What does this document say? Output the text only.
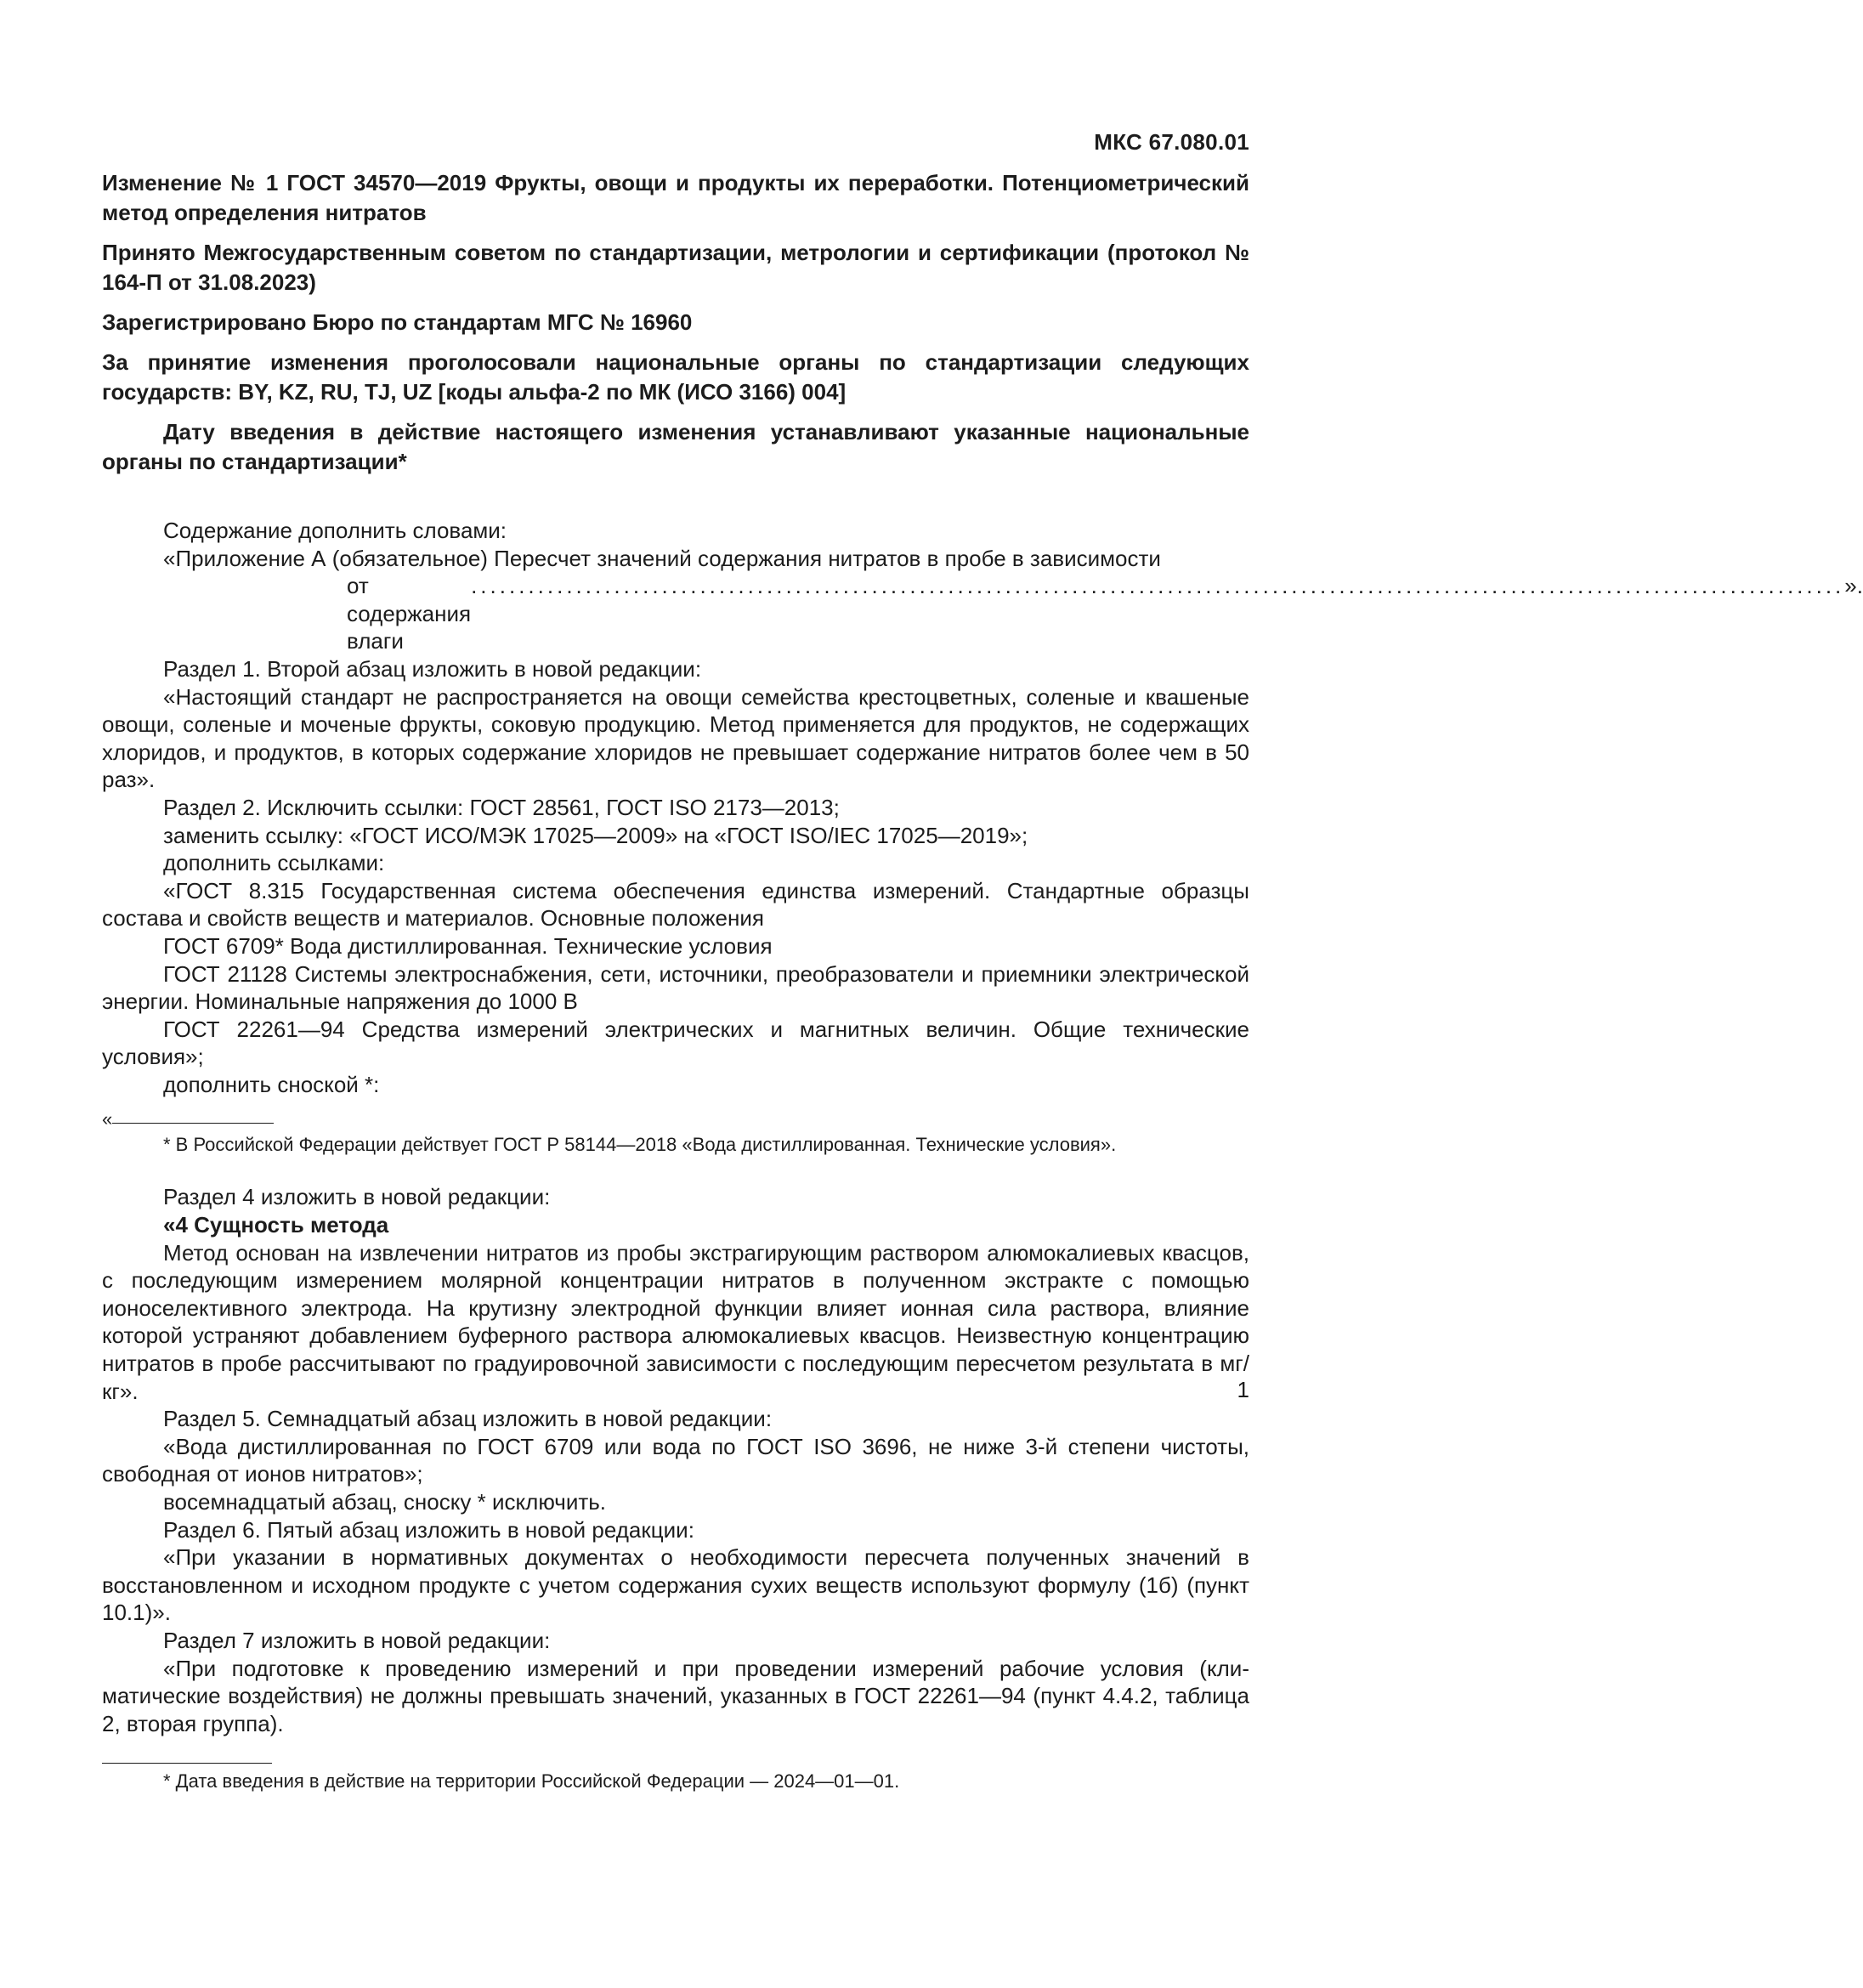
МКС 67.080.01

Изменение № 1 ГОСТ 34570—2019 Фрукты, овощи и продукты их переработки. Потенциометрический метод определения нитратов

Принято Межгосударственным советом по стандартизации, метрологии и сертификации (протокол № 164-П от 31.08.2023)

Зарегистрировано Бюро по стандартам МГС № 16960

За принятие изменения проголосовали национальные органы по стандартизации следующих государств: BY, KZ, RU, TJ, UZ [коды альфа-2 по МК (ИСО 3166) 004]

Дату введения в действие настоящего изменения устанавливают указанные национальные органы по стандартизации*

Содержание дополнить словами:

«Приложение А (обязательное) Пересчет значений содержания нитратов в пробе в зависимости

от содержания влаги
................................................................................................................................................ ».

Раздел 1. Второй абзац изложить в новой редакции:

«Настоящий стандарт не распространяется на овощи семейства крестоцветных, соленые и квашеные овощи, соленые и моченые фрукты, соковую продукцию. Метод применяется для продуктов, не содержащих хлоридов, и продуктов, в которых содержание хлоридов не превышает содержание нитратов более чем в 50 раз».

Раздел 2. Исключить ссылки: ГОСТ 28561, ГОСТ ISO 2173—2013;

заменить ссылку: «ГОСТ ИСО/МЭК 17025—2009» на «ГОСТ ISO/IEC 17025—2019»;

дополнить ссылками:

«ГОСТ 8.315 Государственная система обеспечения единства измерений. Стандартные образцы состава и свойств веществ и материалов. Основные положения

ГОСТ 6709* Вода дистиллированная. Технические условия

ГОСТ 21128 Системы электроснабжения, сети, источники, преобразователи и приемники электрической энергии. Номинальные напряжения до 1000 В

ГОСТ 22261—94 Средства измерений электрических и магнитных величин. Общие технические условия»;

дополнить сноской *:

«

* В Российской Федерации действует ГОСТ Р 58144—2018 «Вода дистиллированная. Технические условия».

Раздел 4 изложить в новой редакции:

«4 Сущность метода

Метод основан на извлечении нитратов из пробы экстрагирующим раствором алюмокалиевых квасцов, с последующим измерением молярной концентрации нитратов в полученном экстракте с помощью ионоселективного электрода. На крутизну электродной функции влияет ионная сила раствора, влияние которой устраняют добавлением буферного раствора алюмокалиевых квасцов. Неизвестную концентрацию нитратов в пробе рассчитывают по градуировочной зависимости с последующим пересчетом результата в мг/кг».

Раздел 5. Семнадцатый абзац изложить в новой редакции:

«Вода дистиллированная по ГОСТ 6709 или вода по ГОСТ ISO 3696, не ниже 3-й степени чистоты, свободная от ионов нитратов»;

восемнадцатый абзац, сноску * исключить.

Раздел 6. Пятый абзац изложить в новой редакции:

«При указании в нормативных документах о необходимости пересчета полученных значений в восстановленном и исходном продукте с учетом содержания сухих веществ используют формулу (1б) (пункт 10.1)».

Раздел 7 изложить в новой редакции:

«При подготовке к проведению измерений и при проведении измерений рабочие условия (климатические воздействия) не должны превышать значений, указанных в ГОСТ 22261—94 (пункт 4.4.2, таблица 2, вторая группа).

* Дата введения в действие на территории Российской Федерации — 2024—01—01.

1
